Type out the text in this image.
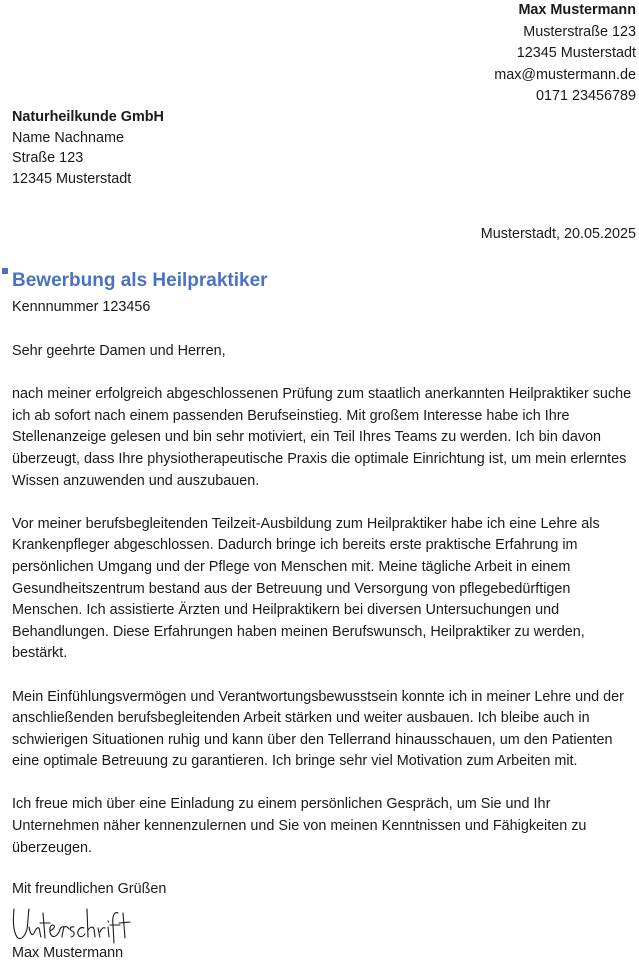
Max Mustermann
Musterstraße 123
12345 Musterstadt
max@mustermann.de
0171 23456789
Naturheilkunde GmbH
Name Nachname
Straße 123
12345 Musterstadt
Musterstadt, 20.05.2025
Bewerbung als Heilpraktiker
Kennnummer 123456

Sehr geehrte Damen und Herren,

nach meiner erfolgreich abgeschlossenen Prüfung zum staatlich anerkannten Heilpraktiker suche ich ab sofort nach einem passenden Berufseinstieg. Mit großem Interesse habe ich Ihre Stellenanzeige gelesen und bin sehr motiviert, ein Teil Ihres Teams zu werden. Ich bin davon überzeugt, dass Ihre physiotherapeutische Praxis die optimale Einrichtung ist, um mein erlerntes Wissen anzuwenden und auszubauen.

Vor meiner berufsbegleitenden Teilzeit-Ausbildung zum Heilpraktiker habe ich eine Lehre als Krankenpfleger abgeschlossen. Dadurch bringe ich bereits erste praktische Erfahrung im persönlichen Umgang und der Pflege von Menschen mit. Meine tägliche Arbeit in einem Gesundheitszentrum bestand aus der Betreuung und Versorgung von pflegebedürftigen Menschen. Ich assistierte Ärzten und Heilpraktikern bei diversen Untersuchungen und Behandlungen. Diese Erfahrungen haben meinen Berufswunsch, Heilpraktiker zu werden, bestärkt.

Mein Einfühlungsvermögen und Verantwortungsbewusstsein konnte ich in meiner Lehre und der anschließenden berufsbegleitenden Arbeit stärken und weiter ausbauen. Ich bleibe auch in schwierigen Situationen ruhig und kann über den Tellerrand hinausschauen, um den Patienten eine optimale Betreuung zu garantieren. Ich bringe sehr viel Motivation zum Arbeiten mit.

Ich freue mich über eine Einladung zu einem persönlichen Gespräch, um Sie und Ihr Unternehmen näher kennenzulernen und Sie von meinen Kenntnissen und Fähigkeiten zu überzeugen.

Mit freundlichen Grüßen
Max Mustermann
